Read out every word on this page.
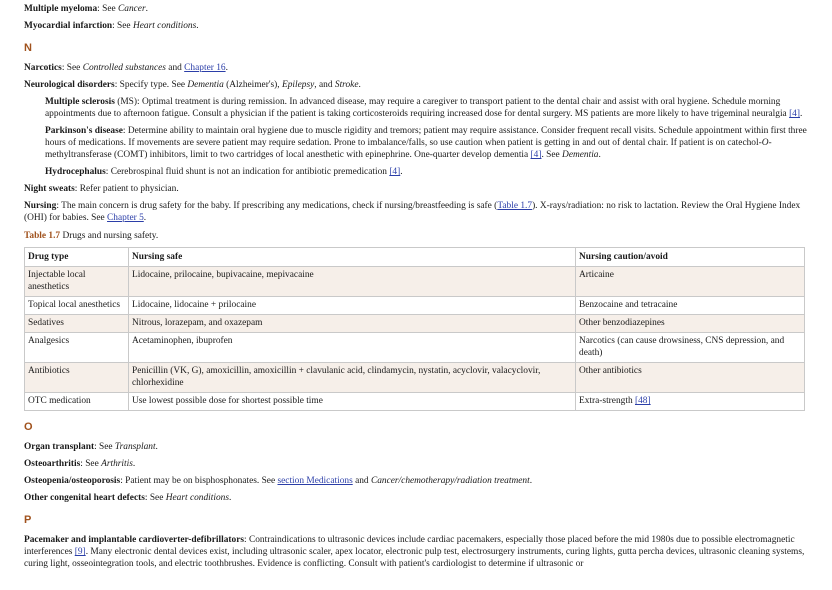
Multiple myeloma: See Cancer.

Myocardial infarction: See Heart conditions.

N

Narcotics: See Controlled substances and Chapter 16.

Neurological disorders: Specify type. See Dementia (Alzheimer's), Epilepsy, and Stroke.

Multiple sclerosis (MS): Optimal treatment is during remission. In advanced disease, may require a caregiver to transport patient to the dental chair and assist with oral hygiene. Schedule morning appointments due to afternoon fatigue. Consult a physician if the patient is taking corticosteroids requiring increased dose for dental surgery. MS patients are more likely to have trigeminal neuralgia [4].

Parkinson's disease: Determine ability to maintain oral hygiene due to muscle rigidity and tremors; patient may require assistance. Consider frequent recall visits. Schedule appointment within first three hours of medications. If movements are severe patient may require sedation. Prone to imbalance/falls, so use caution when patient is getting in and out of dental chair. If patient is on catechol-O-methyltransferase (COMT) inhibitors, limit to two cartridges of local anesthetic with epinephrine. One-quarter develop dementia [4]. See Dementia.

Hydrocephalus: Cerebrospinal fluid shunt is not an indication for antibiotic premedication [4].

Night sweats: Refer patient to physician.

Nursing: The main concern is drug safety for the baby. If prescribing any medications, check if nursing/breastfeeding is safe (Table 1.7). X-rays/radiation: no risk to lactation. Review the Oral Hygiene Index (OHI) for babies. See Chapter 5.

Table 1.7 Drugs and nursing safety.

Drug type	Nursing safe	Nursing caution/avoid
Injectable local anesthetics	Lidocaine, prilocaine, bupivacaine, mepivacaine	Articaine
Topical local anesthetics	Lidocaine, lidocaine + prilocaine	Benzocaine and tetracaine
Sedatives	Nitrous, lorazepam, and oxazepam	Other benzodiazepines
Analgesics	Acetaminophen, ibuprofen	Narcotics (can cause drowsiness, CNS depression, and death)
Antibiotics	Penicillin (VK, G), amoxicillin, amoxicillin + clavulanic acid, clindamycin, nystatin, acyclovir, valacyclovir, chlorhexidine	Other antibiotics
OTC medication	Use lowest possible dose for shortest possible time	Extra-strength [48]
O

Organ transplant: See Transplant.

Osteoarthritis: See Arthritis.

Osteopenia/osteoporosis: Patient may be on bisphosphonates. See section Medications and Cancer/chemotherapy/radiation treatment.

Other congenital heart defects: See Heart conditions.

P

Pacemaker and implantable cardioverter-defibrillators: Contraindications to ultrasonic devices include cardiac pacemakers, especially those placed before the mid 1980s due to possible electromagnetic interferences [9]. Many electronic dental devices exist, including ultrasonic scaler, apex locator, electronic pulp test, electrosurgery instruments, curing lights, gutta percha devices, ultrasonic cleaning systems, curing light, osseointegration tools, and electric toothbrushes. Evidence is conflicting. Consult with patient's cardiologist to determine if ultrasonic or
